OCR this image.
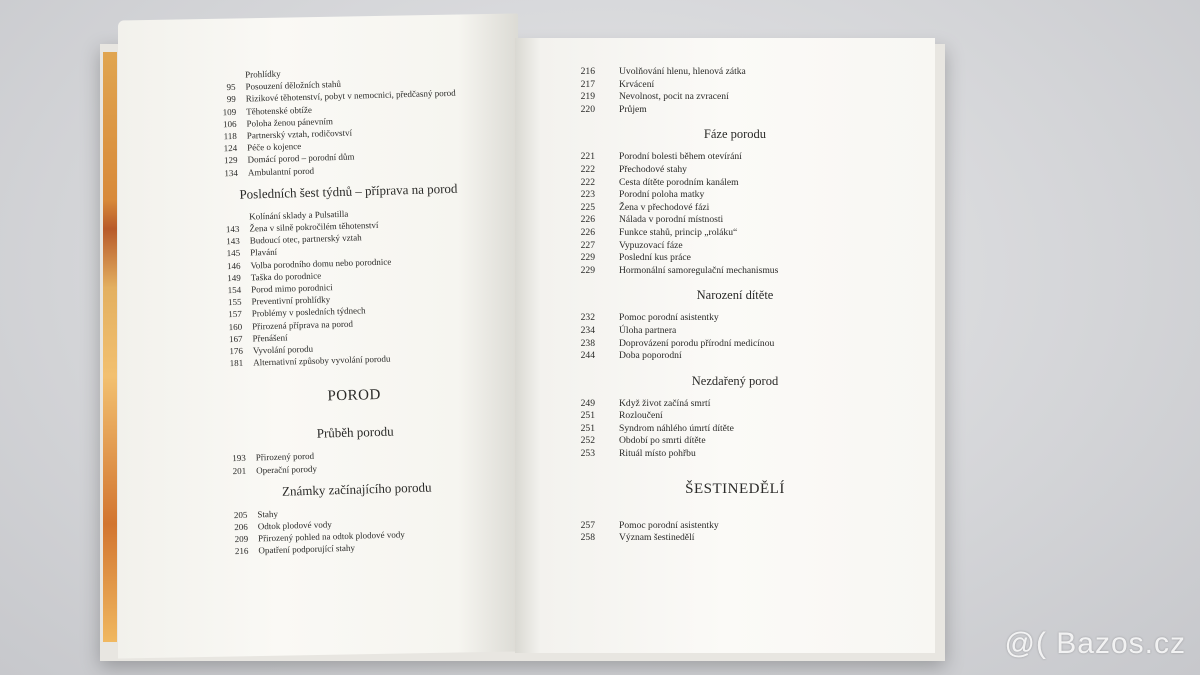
Prohlídky
95	Posouzení děložních stahů
99	Rizikové těhotenství, pobyt v nemocnici, předčasný porod
109	Těhotenské obtíže
106	Poloha ženou pánevním
118	Partnerský vztah, rodičovství
124	Péče o kojence
129	Domácí porod – porodní dům
134	Ambulantní porod
Posledních šest týdnů – příprava na porod
Kolínání sklady a Pulsatilla
143	Žena v silně pokročilém těhotenství
143	Budoucí otec, partnerský vztah
145	Plavání
146	Volba porodního domu nebo porodnice
149	Taška do porodnice
154	Porod mimo porodnici
155	Preventivní prohlídky
157	Problémy v posledních týdnech
160	Přirozená příprava na porod
167	Přenášení
176	Vyvolání porodu
181	Alternativní způsoby vyvolání porodu
POROD
Průběh porodu
193	Přirozený porod
201	Operační porody
Známky začínajícího porodu
205	Stahy
206	Odtok plodové vody
209	Přirozený pohled na odtok plodové vody
216	Opatření podporující stahy
216	Uvolňování hlenu, hlenová zátka
217	Krvácení
219	Nevolnost, pocit na zvracení
220	Průjem
Fáze porodu
221	Porodní bolesti během otevírání
222	Přechodové stahy
222	Cesta dítěte porodním kanálem
223	Porodní poloha matky
225	Žena v přechodové fázi
226	Nálada v porodní místnosti
226	Funkce stahů, princip „roláku“
227	Vypuzovací fáze
229	Poslední kus práce
229	Hormonální samoregulační mechanismus
Narození dítěte
232	Pomoc porodní asistentky
234	Úloha partnera
238	Doprovázení porodu přírodní medicínou
244	Doba poporodní
Nezdařený porod
249	Když život začíná smrtí
251	Rozloučení
251	Syndrom náhlého úmrtí dítěte
252	Období po smrti dítěte
253	Rituál místo pohřbu
ŠESTINEDĚLÍ
257	Pomoc porodní asistentky
258	Význam šestinedělí
@( Bazos.cz
